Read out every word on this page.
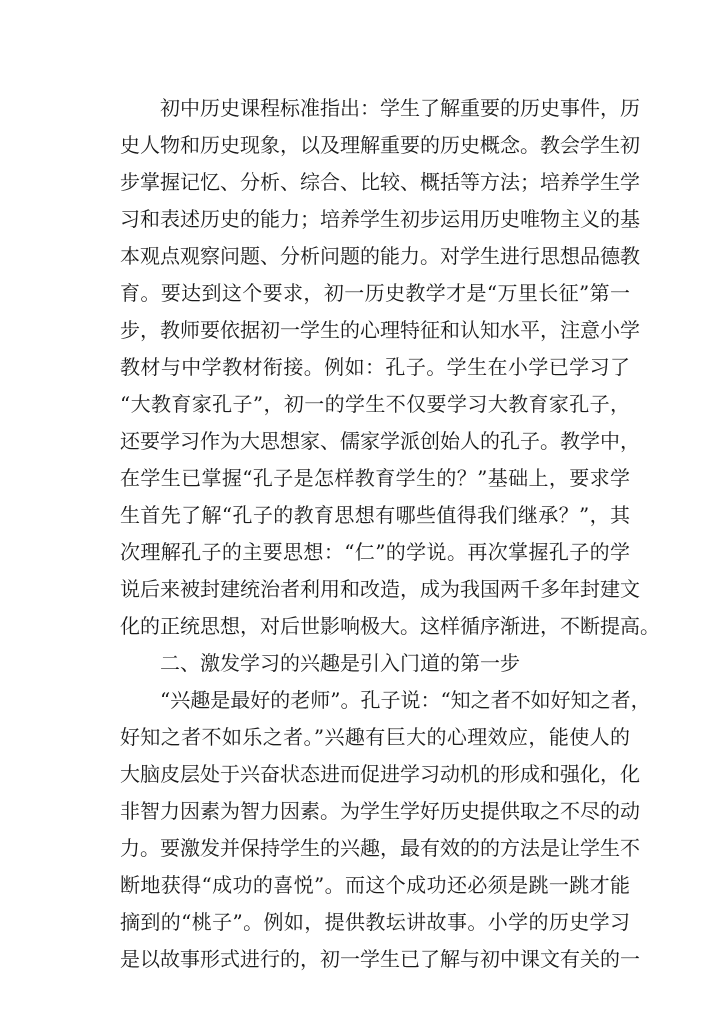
初中历史课程标准指出：学生了解重要的历史事件，历
史人物和历史现象，以及理解重要的历史概念。教会学生初
步掌握记忆、分析、综合、比较、概括等方法；培养学生学
习和表述历史的能力；培养学生初步运用历史唯物主义的基
本观点观察问题、分析问题的能力。对学生进行思想品德教
育。要达到这个要求，初一历史教学才是“万里长征”第一
步，教师要依据初一学生的心理特征和认知水平，注意小学
教材与中学教材衔接。例如：孔子。学生在小学已学习了
“大教育家孔子”，初一的学生不仅要学习大教育家孔子，
还要学习作为大思想家、儒家学派创始人的孔子。教学中，
在学生已掌握“孔子是怎样教育学生的？”基础上，要求学
生首先了解“孔子的教育思想有哪些值得我们继承？”，其
次理解孔子的主要思想：“仁”的学说。再次掌握孔子的学
说后来被封建统治者利用和改造，成为我国两千多年封建文
化的正统思想，对后世影响极大。这样循序渐进，不断提高。
二、激发学习的兴趣是引入门道的第一步
“兴趣是最好的老师”。孔子说：“知之者不如好知之者，
好知之者不如乐之者。”兴趣有巨大的心理效应，能使人的
大脑皮层处于兴奋状态进而促进学习动机的形成和强化，化
非智力因素为智力因素。为学生学好历史提供取之不尽的动
力。要激发并保持学生的兴趣，最有效的的方法是让学生不
断地获得“成功的喜悦”。而这个成功还必须是跳一跳才能
摘到的“桃子”。例如，提供教坛讲故事。小学的历史学习
是以故事形式进行的，初一学生已了解与初中课文有关的一
